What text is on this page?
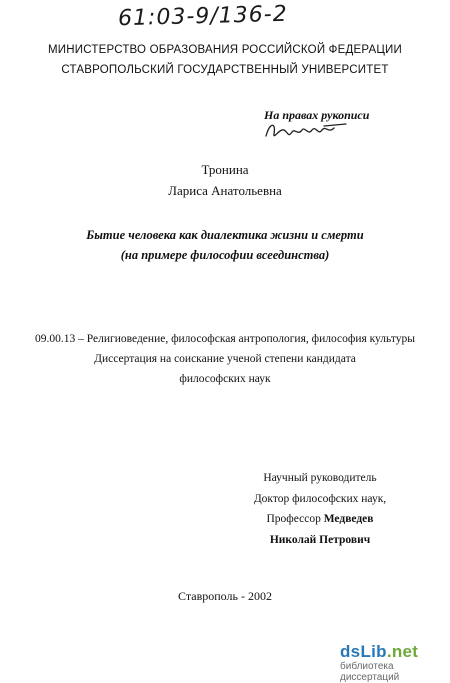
61:03-9/136-2
МИНИСТЕРСТВО ОБРАЗОВАНИЯ РОССИЙСКОЙ ФЕДЕРАЦИИ
СТАВРОПОЛЬСКИЙ ГОСУДАРСТВЕННЫЙ УНИВЕРСИТЕТ
На правах рукописи
Тронина
Лариса Анатольевна
Бытие человека как диалектика жизни и смерти
(на примере философии всеединства)
09.00.13 – Религиоведение, философская антропология, философия культуры
Диссертация на соискание ученой степени кандидата
философских наук
Научный руководитель
Доктор философских наук,
Профессор Медведев
Николай Петрович
Ставрополь - 2002
dsLib.net
библиотека диссертаций
